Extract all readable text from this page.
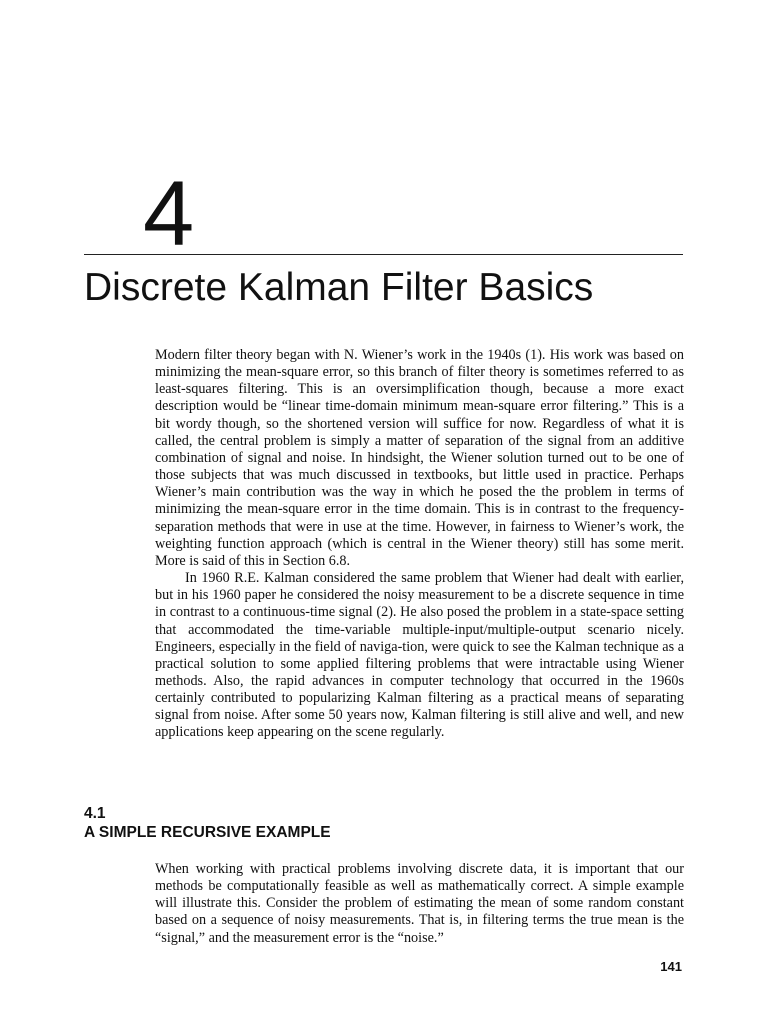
4
Discrete Kalman Filter Basics

Modern filter theory began with N. Wiener’s work in the 1940s (1). His work was based on minimizing the mean-square error, so this branch of filter theory is sometimes referred to as least-squares filtering. This is an oversimplification though, because a more exact description would be “linear time-domain minimum mean-square error filtering.” This is a bit wordy though, so the shortened version will suffice for now. Regardless of what it is called, the central problem is simply a matter of separation of the signal from an additive combination of signal and noise. In hindsight, the Wiener solution turned out to be one of those subjects that was much discussed in textbooks, but little used in practice. Perhaps Wiener’s main contribution was the way in which he posed the the problem in terms of minimizing the mean-square error in the time domain. This is in contrast to the frequency-separation methods that were in use at the time. However, in fairness to Wiener’s work, the weighting function approach (which is central in the Wiener theory) still has some merit. More is said of this in Section 6.8.

In 1960 R.E. Kalman considered the same problem that Wiener had dealt with earlier, but in his 1960 paper he considered the noisy measurement to be a discrete sequence in time in contrast to a continuous-time signal (2). He also posed the problem in a state-space setting that accommodated the time-variable multiple-input/multiple-output scenario nicely. Engineers, especially in the field of naviga-tion, were quick to see the Kalman technique as a practical solution to some applied filtering problems that were intractable using Wiener methods. Also, the rapid advances in computer technology that occurred in the 1960s certainly contributed to popularizing Kalman filtering as a practical means of separating signal from noise. After some 50 years now, Kalman filtering is still alive and well, and new applications keep appearing on the scene regularly.

4.1
A SIMPLE RECURSIVE EXAMPLE

When working with practical problems involving discrete data, it is important that our methods be computationally feasible as well as mathematically correct. A simple example will illustrate this. Consider the problem of estimating the mean of some random constant based on a sequence of noisy measurements. That is, in filtering terms the true mean is the “signal,” and the measurement error is the “noise.”

141
